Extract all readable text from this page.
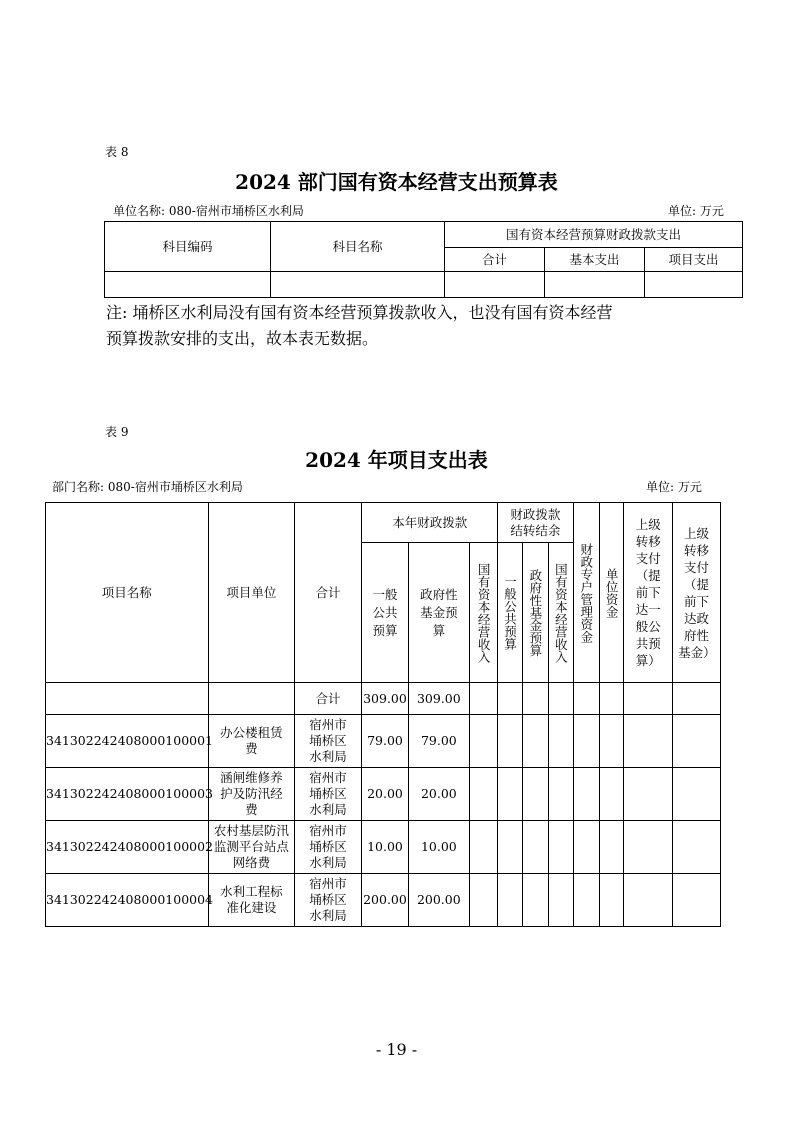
表 8
2024 部门国有资本经营支出预算表
单位名称: 080-宿州市埇桥区水利局	单位: 万元
科目编码	科目名称	国有资本经营预算财政拨款支出		
		合计	基本支出	项目支出

注: 埇桥区水利局没有国有资本经营预算拨款收入，也没有国有资本经营
预算拨款安排的支出，故本表无数据。
表 9
2024 年项目支出表
部门名称: 080-宿州市埇桥区水利局	单位: 万元
项目名称	项目单位	合计	本年财政拨款			财政拨款结转结余			财政专户管理资金	单位资金	上级转移支付（提前下达一般公共预算）	上级转移支付（提前下达政府性基金）

			一般公共预算	政府性基金预算	国有资本经营收入	一般公共预算	政府性基金预算	国有资本经营收入				

		合计	309.00	309.00								
341302242408000100001	办公楼租赁费	宿州市埇桥区水利局	79.00	79.00								
341302242408000100003	涵闸维修养护及防汛经费	宿州市埇桥区水利局	20.00	20.00								
341302242408000100002	农村基层防汛监测平台站点网络费	宿州市埇桥区水利局	10.00	10.00								
341302242408000100004	水利工程标准化建设	宿州市埇桥区水利局	200.00	200.00								
- 19 -
